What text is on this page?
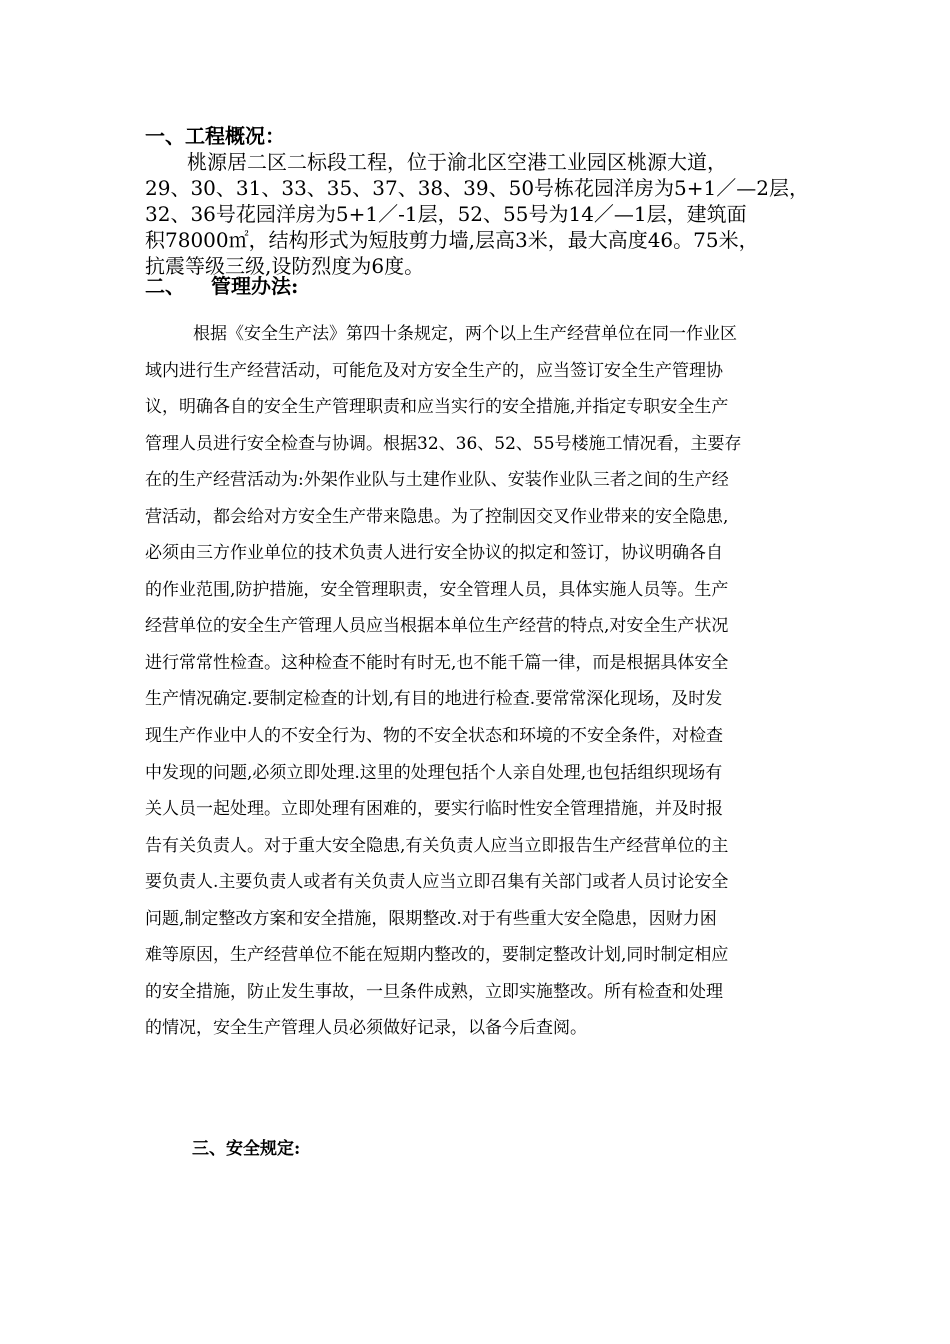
一、工程概况：

桃源居二区二标段工程，位于渝北区空港工业园区桃源大道，

29、30、31、33、35、37、38、39、50号栋花园洋房为5+1／—2层，

32、36号花园洋房为5+1／-1层，52、55号为14／—1层，建筑面

积78000㎡，结构形式为短肢剪力墙,层高3米，最大高度46。75米，

抗震等级三级,设防烈度为6度。

二、 管理办法:

根据《安全生产法》第四十条规定，两个以上生产经营单位在同一作业区

域内进行生产经营活动，可能危及对方安全生产的，应当签订安全生产管理协

议，明确各自的安全生产管理职责和应当实行的安全措施,并指定专职安全生产

管理人员进行安全检查与协调。根据32、36、52、55号楼施工情况看，主要存

在的生产经营活动为:外架作业队与土建作业队、安装作业队三者之间的生产经

营活动，都会给对方安全生产带来隐患。为了控制因交叉作业带来的安全隐患,

必须由三方作业单位的技术负责人进行安全协议的拟定和签订，协议明确各自

的作业范围,防护措施，安全管理职责，安全管理人员，具体实施人员等。生产

经营单位的安全生产管理人员应当根据本单位生产经营的特点,对安全生产状况

进行常常性检查。这种检查不能时有时无,也不能千篇一律，而是根据具体安全

生产情况确定.要制定检查的计划,有目的地进行检查.要常常深化现场，及时发

现生产作业中人的不安全行为、物的不安全状态和环境的不安全条件，对检查

中发现的问题,必须立即处理.这里的处理包括个人亲自处理,也包括组织现场有

关人员一起处理。立即处理有困难的，要实行临时性安全管理措施，并及时报

告有关负责人。对于重大安全隐患,有关负责人应当立即报告生产经营单位的主

要负责人.主要负责人或者有关负责人应当立即召集有关部门或者人员讨论安全

问题,制定整改方案和安全措施，限期整改.对于有些重大安全隐患，因财力困

难等原因，生产经营单位不能在短期内整改的，要制定整改计划,同时制定相应

的安全措施，防止发生事故，一旦条件成熟，立即实施整改。所有检查和处理

的情况，安全生产管理人员必须做好记录，以备今后查阅。

三、安全规定:
